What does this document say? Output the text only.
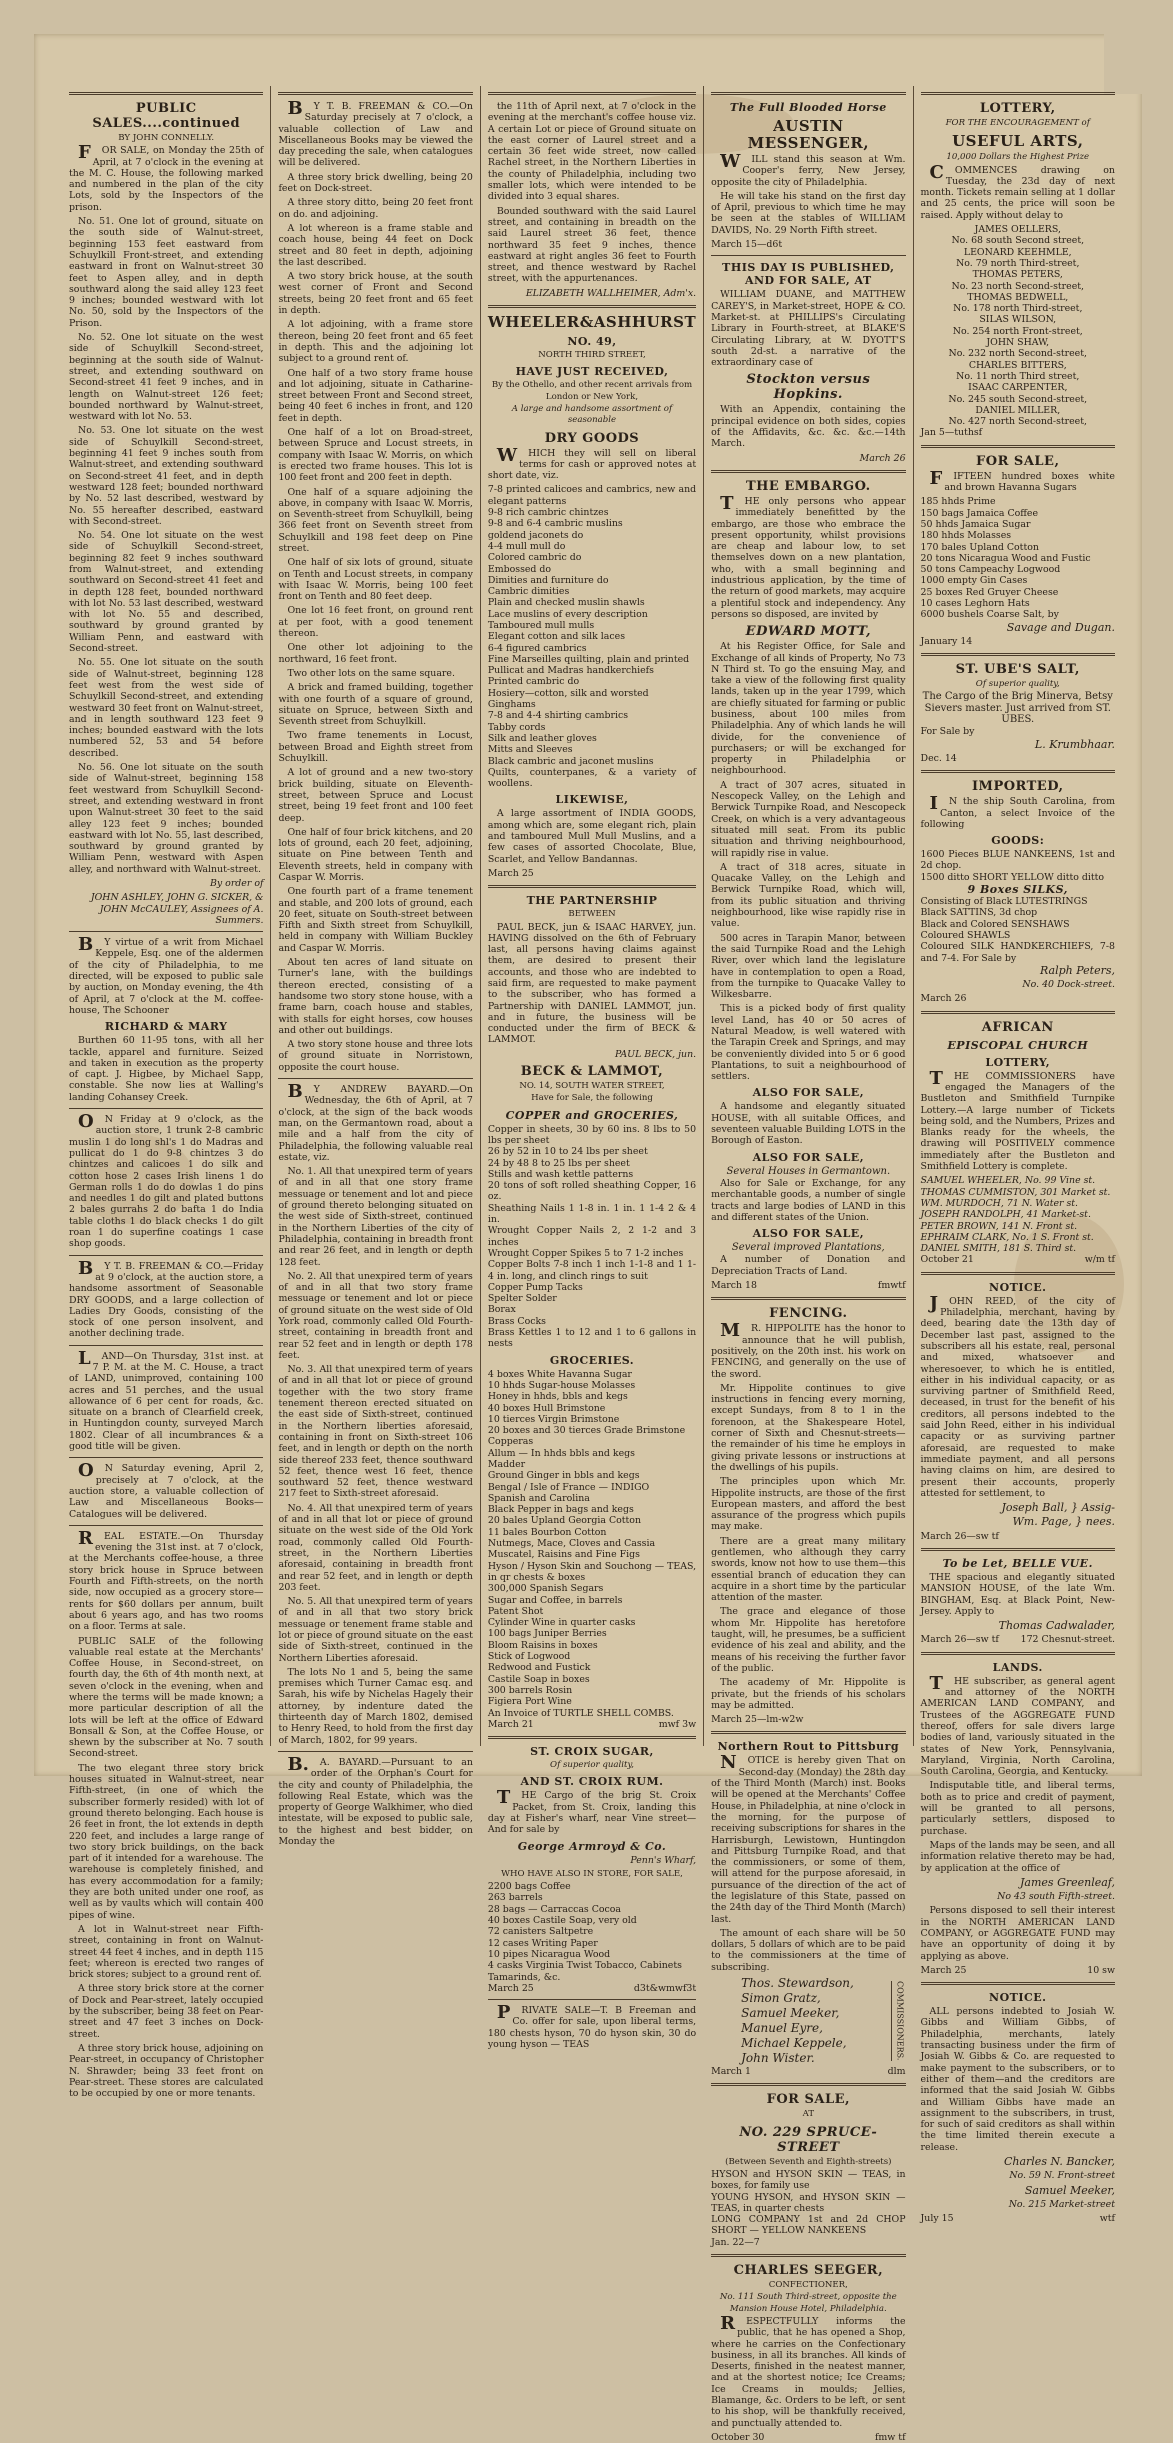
PUBLIC SALES....continued
BY JOHN CONNELLY.

FOR SALE, on Monday the 25th of April, at 7 o'clock in the evening at the M. C. House, the following marked and numbered in the plan of the city Lots, sold by the Inspectors of the prison.

No. 51. One lot of ground, situate on the south side of Walnut-street, beginning 153 feet eastward from Schuylkill Front-street, and extending eastward in front on Walnut-street 30 feet to Aspen alley, and in depth southward along the said alley 123 feet 9 inches; bounded westward with lot No. 50, sold by the Inspectors of the Prison.

No. 52. One lot situate on the west side of Schuylkill Second-street, beginning at the south side of Walnut-street, and extending southward on Second-street 41 feet 9 inches, and in length on Walnut-street 126 feet; bounded northward by Walnut-street, westward with lot No. 53.

No. 53. One lot situate on the west side of Schuylkill Second-street, beginning 41 feet 9 inches south from Walnut-street, and extending southward on Second-street 41 feet, and in depth westward 128 feet; bounded northward by No. 52 last described, westward by No. 55 hereafter described, eastward with Second-street.

No. 54. One lot situate on the west side of Schuylkill Second-street, beginning 82 feet 9 inches southward from Walnut-street, and extending southward on Second-street 41 feet and in depth 128 feet, bounded northward with lot No. 53 last described, westward with lot No. 55 and described, southward by ground granted by William Penn, and eastward with Second-street.

No. 55. One lot situate on the south side of Walnut-street, beginning 128 feet west from the west side of Schuylkill Second-street, and extending westward 30 feet front on Walnut-street, and in length southward 123 feet 9 inches; bounded eastward with the lots numbered 52, 53 and 54 before described.

No. 56. One lot situate on the south side of Walnut-street, beginning 158 feet westward from Schuylkill Second-street, and extending westward in front upon Walnut-street 30 feet to the said alley 123 feet 9 inches; bounded eastward with lot No. 55, last described, southward by ground granted by William Penn, westward with Aspen alley, and northward with Walnut-street.

By order of
JOHN ASHLEY, JOHN G. SICKER, & JOHN McCAULEY, Assignees of A. Summers.

BY virtue of a writ from Michael Keppele, Esq. one of the aldermen of the city of Philadelphia, to me directed, will be exposed to public sale by auction, on Monday evening, the 4th of April, at 7 o'clock at the M. coffee-house, The Schooner

RICHARD & MARY

Burthen 60 11-95 tons, with all her tackle, apparel and furniture. Seized and taken in execution as the property of capt. J. Higbee, by Michael Sapp, constable. She now lies at Walling's landing Cohansey Creek.

ON Friday at 9 o'clock, as the auction store, 1 trunk 2-8 cambric muslin 1 do long shl's 1 do Madras and pullicat do 1 do 9-8 chintzes 3 do chintzes and calicoes 1 do silk and cotton hose 2 cases Irish linens 1 do German rolls 1 do do dowlas 1 do pins and needles 1 do gilt and plated buttons 2 bales gurrahs 2 do bafta 1 do India table cloths 1 do black checks 1 do gilt roan 1 do superfine coatings 1 case shop goods.

BY T. B. FREEMAN & CO.—Friday at 9 o'clock, at the auction store, a handsome assortment of Seasonable DRY GOODS, and a large collection of Ladies Dry Goods, consisting of the stock of one person insolvent, and another declining trade.

LAND—On Thursday, 31st inst. at 7 P. M. at the M. C. House, a tract of LAND, unimproved, containing 100 acres and 51 perches, and the usual allowance of 6 per cent for roads, &c. situate on a branch of Clearfield creek, in Huntingdon county, surveyed March 1802. Clear of all incumbrances & a good title will be given.

ON Saturday evening, April 2, precisely at 7 o'clock, at the auction store, a valuable collection of Law and Miscellaneous Books—Catalogues will be delivered.

REAL ESTATE.—On Thursday evening the 31st inst. at 7 o'clock, at the Merchants coffee-house, a three story brick house in Spruce between Fourth and Fifth-streets, on the north side, now occupied as a grocery store—rents for $60 dollars per annum, built about 6 years ago, and has two rooms on a floor. Terms at sale.

PUBLIC SALE of the following valuable real estate at the Merchants' Coffee House, in Second-street, on fourth day, the 6th of 4th month next, at seven o'clock in the evening, when and where the terms will be made known; a more particular description of all the lots will be left at the office of Edward Bonsall & Son, at the Coffee House, or shewn by the subscriber at No. 7 south Second-street.

The two elegant three story brick houses situated in Walnut-street, near Fifth-street, (in one of which the subscriber formerly resided) with lot of ground thereto belonging. Each house is 26 feet in front, the lot extends in depth 220 feet, and includes a large range of two story brick buildings, on the back part of it intended for a warehouse. The warehouse is completely finished, and has every accommodation for a family; they are both united under one roof, as well as by vaults which will contain 400 pipes of wine.

A lot in Walnut-street near Fifth-street, containing in front on Walnut-street 44 feet 4 inches, and in depth 115 feet; whereon is erected two ranges of brick stores; subject to a ground rent of.

A three story brick store at the corner of Dock and Pear-street, lately occupied by the subscriber, being 38 feet on Pear-street and 47 feet 3 inches on Dock-street.

A three story brick house, adjoining on Pear-street, in occupancy of Christopher N. Shrawder; being 33 feet front on Pear-street. These stores are calculated to be occupied by one or more tenants.

BY T. B. FREEMAN & CO.—On Saturday precisely at 7 o'clock, a valuable collection of Law and Miscellaneous Books may be viewed the day preceding the sale, when catalogues will be delivered.

A three story brick dwelling, being 20 feet on Dock-street.

A three story ditto, being 20 feet front on do. and adjoining.

A lot whereon is a frame stable and coach house, being 44 feet on Dock street and 80 feet in depth, adjoining the last described.

A two story brick house, at the south west corner of Front and Second streets, being 20 feet front and 65 feet in depth.

A lot adjoining, with a frame store thereon, being 20 feet front and 65 feet in depth. This and the adjoining lot subject to a ground rent of.

One half of a two story frame house and lot adjoining, situate in Catharine-street between Front and Second street, being 40 feet 6 inches in front, and 120 feet in depth.

One half of a lot on Broad-street, between Spruce and Locust streets, in company with Isaac W. Morris, on which is erected two frame houses. This lot is 100 feet front and 200 feet in depth.

One half of a square adjoining the above, in company with Isaac W. Morris, on Seventh-street from Schuylkill, being 366 feet front on Seventh street from Schuylkill and 198 feet deep on Pine street.

One half of six lots of ground, situate on Tenth and Locust streets, in company with Isaac W. Morris, being 100 feet front on Tenth and 80 feet deep.

One lot 16 feet front, on ground rent at per foot, with a good tenement thereon.

One other lot adjoining to the northward, 16 feet front.

Two other lots on the same square.

A brick and framed building, together with one fourth of a square of ground, situate on Spruce, between Sixth and Seventh street from Schuylkill.

Two frame tenements in Locust, between Broad and Eighth street from Schuylkill.

A lot of ground and a new two-story brick building, situate on Eleventh-street, between Spruce and Locust street, being 19 feet front and 100 feet deep.

One half of four brick kitchens, and 20 lots of ground, each 20 feet, adjoining, situate on Pine between Tenth and Eleventh streets, held in company with Caspar W. Morris.

One fourth part of a frame tenement and stable, and 200 lots of ground, each 20 feet, situate on South-street between Fifth and Sixth street from Schuylkill, held in company with William Buckley and Caspar W. Morris.

About ten acres of land situate on Turner's lane, with the buildings thereon erected, consisting of a handsome two story stone house, with a frame barn, coach house and stables, with stalls for eight horses, cow houses and other out buildings.

A two story stone house and three lots of ground situate in Norristown, opposite the court house.

BY ANDREW BAYARD.—On Wednesday, the 6th of April, at 7 o'clock, at the sign of the back woods man, on the Germantown road, about a mile and a half from the city of Philadelphia, the following valuable real estate, viz.

No. 1. All that unexpired term of years of and in all that one story frame messuage or tenement and lot and piece of ground thereto belonging situated on the west side of Sixth-street, continued in the Northern Liberties of the city of Philadelphia, containing in breadth front and rear 26 feet, and in length or depth 128 feet.

No. 2. All that unexpired term of years of and in all that two story frame messuage or tenement and lot or piece of ground situate on the west side of Old York road, commonly called Old Fourth-street, containing in breadth front and rear 52 feet and in length or depth 178 feet.

No. 3. All that unexpired term of years of and in all that lot or piece of ground together with the two story frame tenement thereon erected situated on the east side of Sixth-street, continued in the Northern liberties aforesaid, containing in front on Sixth-street 106 feet, and in length or depth on the north side thereof 233 feet, thence southward 52 feet, thence west 16 feet, thence southward 52 feet, thence westward 217 feet to Sixth-street aforesaid.

No. 4. All that unexpired term of years of and in all that lot or piece of ground situate on the west side of the Old York road, commonly called Old Fourth-street, in the Northern Liberties aforesaid, containing in breadth front and rear 52 feet, and in length or depth 203 feet.

No. 5. All that unexpired term of years of and in all that two story brick messuage or tenement frame stable and lot or piece of ground situate on the east side of Sixth-street, continued in the Northern Liberties aforesaid.

The lots No 1 and 5, being the same premises which Turner Camac esq. and Sarah, his wife by Nichelas Hagely their attorney, by indenture dated the thirteenth day of March 1802, demised to Henry Reed, to hold from the first day of March, 1802, for 99 years.

B.A. BAYARD.—Pursuant to an order of the Orphan's Court for the city and county of Philadelphia, the following Real Estate, which was the property of George Walkhimer, who died intestate, will be exposed to public sale, to the highest and best bidder, on Monday the

the 11th of April next, at 7 o'clock in the evening at the merchant's coffee house viz. A certain Lot or piece of Ground situate on the east corner of Laurel street and a certain 36 feet wide street, now called Rachel street, in the Northern Liberties in the county of Philadelphia, including two smaller lots, which were intended to be divided into 3 equal shares.

Bounded southward with the said Laurel street, and containing in breadth on the said Laurel street 36 feet, thence northward 35 feet 9 inches, thence eastward at right angles 36 feet to Fourth street, and thence westward by Rachel street, with the appurtenances.

ELIZABETH WALLHEIMER, Adm'x.
WHEELER&ASHHURST
NO. 49,
NORTH THIRD STREET,
HAVE JUST RECEIVED,
By the Othello, and other recent arrivals from London or New York,
A large and handsome assortment of seasonable
DRY GOODS

WHICH they will sell on liberal terms for cash or approved notes at short date, viz.

7-8 printed calicoes and cambrics, new and elegant patterns
9-8 rich cambric chintzes
9-8 and 6-4 cambric muslins
goldend jaconets do
4-4 mull mull do
Colored cambric do
Embossed do
Dimities and furniture do
Cambric dimities
Plain and checked muslin shawls
Lace muslins of every description
Tamboured mull mulls
Elegant cotton and silk laces
6-4 figured cambrics
Fine Marseilles quilting, plain and printed
Pullicat and Madras handkerchiefs
Printed cambric do
Hosiery—cotton, silk and worsted
Ginghams
7-8 and 4-4 shirting cambrics
Tabby cords
Silk and leather gloves
Mitts and Sleeves
Black cambric and jaconet muslins
Quilts, counterpanes, & a variety of woollens.
LIKEWISE,

A large assortment of INDIA GOODS, among which are, some elegant rich, plain and tamboured Mull Mull Muslins, and a few cases of assorted Chocolate, Blue, Scarlet, and Yellow Bandannas.

March 25
THE PARTNERSHIP
BETWEEN

PAUL BECK, jun & ISAAC HARVEY, jun. HAVING dissolved on the 6th of February last, all persons having claims against them, are desired to present their accounts, and those who are indebted to said firm, are requested to make payment to the subscriber, who has formed a Partnership with DANIEL LAMMOT, jun. and in future, the business will be conducted under the firm of BECK & LAMMOT.

PAUL BECK, jun.
BECK & LAMMOT,
NO. 14, SOUTH WATER STREET,
Have for Sale, the following
COPPER and GROCERIES,
Copper in sheets, 30 by 60 ins. 8 lbs to 50 lbs per sheet
26 by 52 in 10 to 24 lbs per sheet
24 by 48 8 to 25 lbs per sheet
Stills and wash kettle patterns
20 tons of soft rolled sheathing Copper, 16 oz.
Sheathing Nails 1 1-8 in. 1 in. 1 1-4 2 & 4 in.
Wrought Copper Nails 2, 2 1-2 and 3 inches
Wrought Copper Spikes 5 to 7 1-2 inches
Copper Bolts 7-8 inch 1 inch 1-1-8 and 1 1-4 in. long, and clinch rings to suit
Copper Pump Tacks
Spelter Solder
Borax
Brass Cocks
Brass Kettles 1 to 12 and 1 to 6 gallons in nests
GROCERIES.
4 boxes White Havanna Sugar
10 hhds Sugar-house Molasses
Honey in hhds, bbls and kegs
40 boxes Hull Brimstone
10 tierces Virgin Brimstone
20 boxes and 30 tierces Grade Brimstone
Copperas
Allum — In hhds bbls and kegs
Madder
Ground Ginger in bbls and kegs
Bengal / Isle of France — INDIGO
Spanish and Carolina
Black Pepper in bags and kegs
20 bales Upland Georgia Cotton
11 bales Bourbon Cotton
Nutmegs, Mace, Cloves and Cassia
Muscatel, Raisins and Fine Figs
Hyson / Hyson Skin and Souchong — TEAS, in qr chests & boxes
300,000 Spanish Segars
Sugar and Coffee, in barrels
Patent Shot
Cylinder Wine in quarter casks
100 bags Juniper Berries
Bloom Raisins in boxes
Stick of Logwood
Redwood and Fustick
Castile Soap in boxes
300 barrels Rosin
Figiera Port Wine
An Invoice of TURTLE SHELL COMBS.
March 21	mwf 3w
ST. CROIX SUGAR,
Of superior quality,
AND ST. CROIX RUM.

THE Cargo of the brig St. Croix Packet, from St. Croix, landing this day at Fisher's wharf, near Vine street—And for sale by

George Armroyd & Co.
Penn's Wharf,
WHO HAVE ALSO IN STORE, FOR SALE,
2200 bags Coffee
263 barrels
28 bags — Carraccas Cocoa
40 boxes Castile Soap, very old
72 canisters Saltpetre
12 cases Writing Paper
10 pipes Nicaragua Wood
4 casks Virginia Twist Tobacco, Cabinets
Tamarinds, &c.
March 25	d3t&wmwf3t

PRIVATE SALE—T. B Freeman and Co. offer for sale, upon liberal terms, 180 chests hyson, 70 do hyson skin, 30 do young hyson — TEAS

The Full Blooded Horse
AUSTIN MESSENGER,

WILL stand this season at Wm. Cooper's ferry, New Jersey, opposite the city of Philadelphia.

He will take his stand on the first day of April, previous to which time he may be seen at the stables of WILLIAM DAVIDS, No. 29 North Fifth street.

March 15—d6t
THIS DAY IS PUBLISHED, AND FOR SALE, AT

WILLIAM DUANE, and MATTHEW CAREY'S, in Market-street, HOPE & CO. Market-st. at PHILLIPS's Circulating Library in Fourth-street, at BLAKE'S Circulating Library, at W. DYOTT'S south 2d-st. a narrative of the extraordinary case of

Stockton versus Hopkins.

With an Appendix, containing the principal evidence on both sides, copies of the Affidavits, &c. &c. &c.—14th March.

March 26
THE EMBARGO.

THE only persons who appear immediately benefitted by the embargo, are those who embrace the present opportunity, whilst provisions are cheap and labour low, to set themselves down on a new plantation, who, with a small beginning and industrious application, by the time of the return of good markets, may acquire a plentiful stock and independency. Any persons so disposed, are invited by

EDWARD MOTT,

At his Register Office, for Sale and Exchange of all kinds of Property, No 73 N Third st. To go the ensuing May, and take a view of the following first quality lands, taken up in the year 1799, which are chiefly situated for farming or public business, about 100 miles from Philadelphia. Any of which lands he will divide, for the convenience of purchasers; or will be exchanged for property in Philadelphia or neighbourhood.

A tract of 307 acres, situated in Nescopeck Valley, on the Lehigh and Berwick Turnpike Road, and Nescopeck Creek, on which is a very advantageous situated mill seat. From its public situation and thriving neighbourhood, will rapidly rise in value.

A tract of 318 acres, situate in Quacake Valley, on the Lehigh and Berwick Turnpike Road, which will, from its public situation and thriving neighbourhood, like wise rapidly rise in value.

500 acres in Tarapin Manor, between the said Turnpike Road and the Lehigh River, over which land the legislature have in contemplation to open a Road, from the turnpike to Quacake Valley to Wilkesbarre.

This is a picked body of first quality level Land, has 40 or 50 acres of Natural Meadow, is well watered with the Tarapin Creek and Springs, and may be conveniently divided into 5 or 6 good Plantations, to suit a neighbourhood of settlers.

ALSO FOR SALE,

A handsome and elegantly situated HOUSE, with all suitable Offices, and seventeen valuable Building LOTS in the Borough of Easton.

ALSO FOR SALE,
Several Houses in Germantown.

Also for Sale or Exchange, for any merchantable goods, a number of single tracts and large bodies of LAND in this and different states of the Union.

ALSO FOR SALE,
Several improved Plantations,

A number of Donation and Depreciation Tracts of Land.

March 18	fmwtf
FENCING.

MR. HIPPOLITE has the honor to announce that he will publish, positively, on the 20th inst. his work on FENCING, and generally on the use of the sword.

Mr. Hippolite continues to give instructions in fencing every morning, except Sundays, from 8 to 1 in the forenoon, at the Shakespeare Hotel, corner of Sixth and Chesnut-streets—the remainder of his time he employs in giving private lessons or instructions at the dwellings of his pupils.

The principles upon which Mr. Hippolite instructs, are those of the first European masters, and afford the best assurance of the progress which pupils may make.

There are a great many military gentlemen, who although they carry swords, know not how to use them—this essential branch of education they can acquire in a short time by the particular attention of the master.

The grace and elegance of those whom Mr. Hippolite has heretofore taught, will, he presumes, be a sufficient evidence of his zeal and ability, and the means of his receiving the further favor of the public.

The academy of Mr. Hippolite is private, but the friends of his scholars may be admitted.

March 25—lm-w2w
Northern Rout to Pittsburg

NOTICE is hereby given That on Second-day (Monday) the 28th day of the Third Month (March) inst. Books will be opened at the Merchants' Coffee House, in Philadelphia, at nine o'clock in the morning, for the purpose of receiving subscriptions for shares in the Harrisburgh, Lewistown, Huntingdon and Pittsburg Turnpike Road, and that the commissioners, or some of them, will attend for the purpose aforesaid, in pursuance of the direction of the act of the legislature of this State, passed on the 24th day of the Third Month (March) last.

The amount of each share will be 50 dollars, 5 dollars of which are to be paid to the commissioners at the time of subscribing.

Thos. Stewardson,
Simon Gratz,
Samuel Meeker,
Manuel Eyre,
Michael Keppele,
John Wister.	COMMISSIONERS.
March 1	dlm
FOR SALE,
AT
NO. 229 SPRUCE-STREET
(Between Seventh and Eighth-streets)
HYSON and HYSON SKIN — TEAS, in boxes, for family use
YOUNG HYSON, and HYSON SKIN — TEAS, in quarter chests
LONG COMPANY 1st and 2d CHOP SHORT — YELLOW NANKEENS
Jan. 22—7
CHARLES SEEGER,
CONFECTIONER,
No. 111 South Third-street, opposite the Mansion House Hotel, Philadelphia.

RESPECTFULLY informs the public, that he has opened a Shop, where he carries on the Confectionary business, in all its branches. All kinds of Deserts, finished in the neatest manner, and at the shortest notice; Ice Creams; Ice Creams in moulds; Jellies, Blamange, &c. Orders to be left, or sent to his shop, will be thankfully received, and punctually attended to.

October 30	fmw tf
LOTTERY,
FOR THE ENCOURAGEMENT of
USEFUL ARTS,
10,000 Dollars the Highest Prize

COMMENCES drawing on Tuesday, the 23d day of next month. Tickets remain selling at 1 dollar and 25 cents, the price will soon be raised. Apply without delay to

JAMES OELLERS,
No. 68 south Second street,
LEONARD KEEHMLE,
No. 79 north Third-street,
THOMAS PETERS,
No. 23 north Second-street,
THOMAS BEDWELL,
No. 178 north Third-street,
SILAS WILSON,
No. 254 north Front-street,
JOHN SHAW,
No. 232 north Second-street,
CHARLES BITTERS,
No. 11 north Third street,
ISAAC CARPENTER,
No. 245 south Second-street,
DANIEL MILLER,
No. 427 north Second-street,
Jan 5—tuthsf
FOR SALE,

FIFTEEN hundred boxes white and brown Havanna Sugars

185 hhds Prime
150 bags Jamaica Coffee
50 hhds Jamaica Sugar
180 hhds Molasses
170 bales Upland Cotton
20 tons Nicaragua Wood and Fustic
50 tons Campeachy Logwood
1000 empty Gin Cases
25 boxes Red Gruyer Cheese
10 cases Leghorn Hats
6000 bushels Coarse Salt, by
Savage and Dugan.
January 14
ST. UBE'S SALT,
Of superior quality,
The Cargo of the Brig Minerva, Betsy Sievers master. Just arrived from ST. UBES.
For Sale by
L. Krumbhaar.
Dec. 14
IMPORTED,

IN the ship South Carolina, from Canton, a select Invoice of the following

GOODS:
1600 Pieces BLUE NANKEENS, 1st and 2d chop.
1500 ditto SHORT YELLOW ditto ditto
9 Boxes SILKS,
Consisting of Black LUTESTRINGS
Black SATTINS, 3d chop
Black and Colored SENSHAWS
Coloured SHAWLS
Coloured SILK HANDKERCHIEFS, 7-8 and 7-4. For Sale by
Ralph Peters,
No. 40 Dock-street.
March 26
AFRICAN
EPISCOPAL CHURCH
LOTTERY,

THE COMMISSIONERS have engaged the Managers of the Bustleton and Smithfield Turnpike Lottery.—A large number of Tickets being sold, and the Numbers, Prizes and Blanks ready for the wheels, the drawing will POSITIVELY commence immediately after the Bustleton and Smithfield Lottery is complete.

SAMUEL WHEELER, No. 99 Vine st.
THOMAS CUMMISTON, 301 Market st.
WM. MURDOCH, 71 N. Water st.
JOSEPH RANDOLPH, 41 Market-st.
PETER BROWN, 141 N. Front st.
EPHRAIM CLARK, No. 1 S. Front st.
DANIEL SMITH, 181 S. Third st.
October 21	w/m tf
NOTICE.

JOHN REED, of the city of Philadelphia, merchant, having by deed, bearing date the 13th day of December last past, assigned to the subscribers all his estate, real, personal and mixed, whatsoever and wheresoever, to which he is entitled, either in his individual capacity, or as surviving partner of Smithfield Reed, deceased, in trust for the benefit of his creditors, all persons indebted to the said John Reed, either in his individual capacity or as surviving partner aforesaid, are requested to make immediate payment, and all persons having claims on him, are desired to present their accounts, properly attested for settlement, to

Joseph Ball, } Assig-
Wm. Page, } nees.
March 26—sw tf
To be Let, BELLE VUE.

THE spacious and elegantly situated MANSION HOUSE, of the late Wm. BINGHAM, Esq. at Black Point, New-Jersey. Apply to

Thomas Cadwalader,
March 26—sw tf 172 Chesnut-street.
LANDS.

THE subscriber, as general agent and attorney of the NORTH AMERICAN LAND COMPANY, and Trustees of the AGGREGATE FUND thereof, offers for sale divers large bodies of land, variously situated in the states of New York, Pennsylvania, Maryland, Virginia, North Carolina, South Carolina, Georgia, and Kentucky.

Indisputable title, and liberal terms, both as to price and credit of payment, will be granted to all persons, particularly settlers, disposed to purchase.

Maps of the lands may be seen, and all information relative thereto may be had, by application at the office of

James Greenleaf,
No 43 south Fifth-street.

Persons disposed to sell their interest in the NORTH AMERICAN LAND COMPANY, or AGGREGATE FUND may have an opportunity of doing it by applying as above.

March 25	10 sw
NOTICE.

ALL persons indebted to Josiah W. Gibbs and William Gibbs, of Philadelphia, merchants, lately transacting business under the firm of Josiah W. Gibbs & Co. are requested to make payment to the subscribers, or to either of them—and the creditors are informed that the said Josiah W. Gibbs and William Gibbs have made an assignment to the subscribers, in trust, for such of said creditors as shall within the time limited therein execute a release.

Charles N. Bancker,
No. 59 N. Front-street
Samuel Meeker,
No. 215 Market-street
July 15	wtf
